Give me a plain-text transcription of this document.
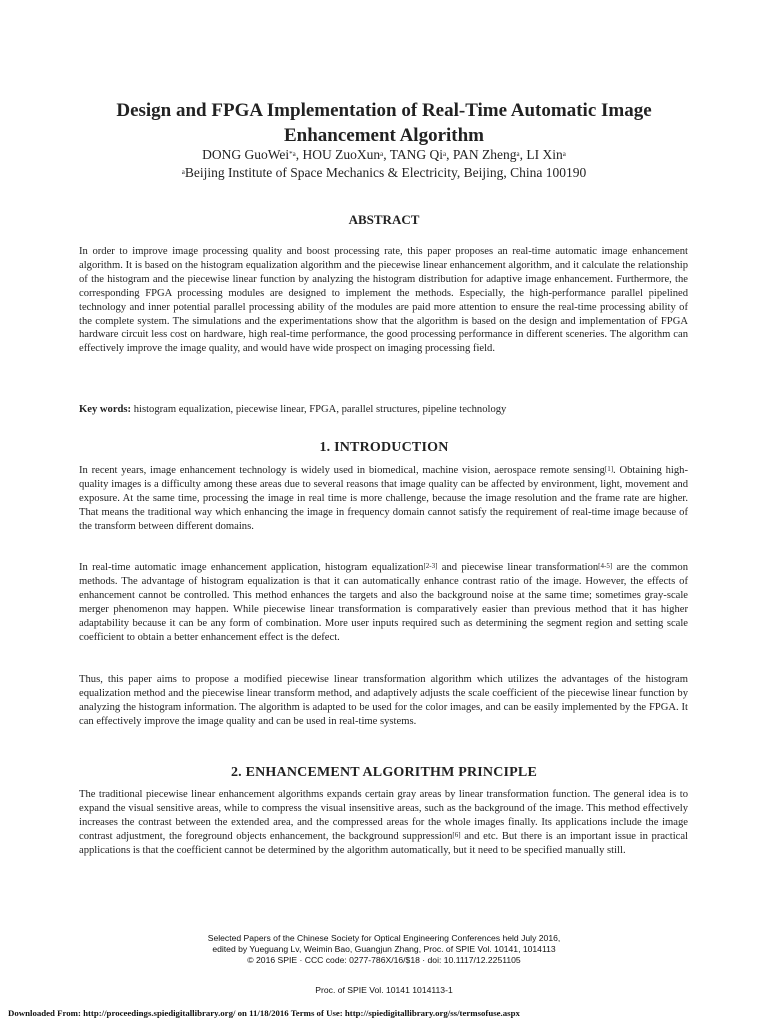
Design and FPGA Implementation of Real-Time Automatic Image
Enhancement Algorithm
DONG GuoWei$^{*a}$, HOU ZuoXun$^a$, TANG Qi$^a$, PAN Zheng$^a$, LI Xin$^a$
$^a$Beijing Institute of Space Mechanics & Electricity, Beijing, China 100190
ABSTRACT
In order to improve image processing quality and boost processing rate, this paper proposes an real-time automatic image enhancement algorithm. It is based on the histogram equalization algorithm and the piecewise linear enhancement algorithm, and it calculate the relationship of the histogram and the piecewise linear function by analyzing the histogram distribution for adaptive image enhancement. Furthermore, the corresponding FPGA processing modules are designed to implement the methods. Especially, the high-performance parallel pipelined technology and inner potential parallel processing ability of the modules are paid more attention to ensure the real-time processing ability of the complete system. The simulations and the experimentations show that the algorithm is based on the design and implementation of FPGA hardware circuit less cost on hardware, high real-time performance, the good processing performance in different sceneries. The algorithm can effectively improve the image quality, and would have wide prospect on imaging processing field.
Key words: histogram equalization, piecewise linear, FPGA, parallel structures, pipeline technology
1. INTRODUCTION
In recent years, image enhancement technology is widely used in biomedical, machine vision, aerospace remote sensing[1]. Obtaining high-quality images is a difficulty among these areas due to several reasons that image quality can be affected by environment, light, movement and exposure. At the same time, processing the image in real time is more challenge, because the image resolution and the frame rate are higher. That means the traditional way which enhancing the image in frequency domain cannot satisfy the requirement of real-time image because of the transform between different domains.
In real-time automatic image enhancement application, histogram equalization[2-3] and piecewise linear transformation[4-5] are the common methods. The advantage of histogram equalization is that it can automatically enhance contrast ratio of the image. However, the effects of enhancement cannot be controlled. This method enhances the targets and also the background noise at the same time; sometimes gray-scale merger phenomenon may happen. While piecewise linear transformation is comparatively easier than previous method that it has higher adaptability because it can be any form of combination. More user inputs required such as determining the segment region and setting scale coefficient to obtain a better enhancement effect is the defect.
Thus, this paper aims to propose a modified piecewise linear transformation algorithm which utilizes the advantages of the histogram equalization method and the piecewise linear transform method, and adaptively adjusts the scale coefficient of the piecewise linear function by analyzing the histogram information. The algorithm is adapted to be used for the color images, and can be easily implemented by the FPGA. It can effectively improve the image quality and can be used in real-time systems.
2. ENHANCEMENT ALGORITHM PRINCIPLE
The traditional piecewise linear enhancement algorithms expands certain gray areas by linear transformation function. The general idea is to expand the visual sensitive areas, while to compress the visual insensitive areas, such as the background of the image. This method effectively increases the contrast between the extended area, and the compressed areas for the whole images finally. Its applications include the image contrast adjustment, the foreground objects enhancement, the background suppression[6] and etc. But there is an important issue in practical applications is that the coefficient cannot be determined by the algorithm automatically, but it need to be specified manually still.
Selected Papers of the Chinese Society for Optical Engineering Conferences held July 2016,
edited by Yueguang Lv, Weimin Bao, Guangjun Zhang, Proc. of SPIE Vol. 10141, 1014113
© 2016 SPIE · CCC code: 0277-786X/16/$18 · doi: 10.1117/12.2251105
Proc. of SPIE Vol. 10141 1014113-1
Downloaded From: http://proceedings.spiedigitallibrary.org/ on 11/18/2016 Terms of Use: http://spiedigitallibrary.org/ss/termsofuse.aspx
